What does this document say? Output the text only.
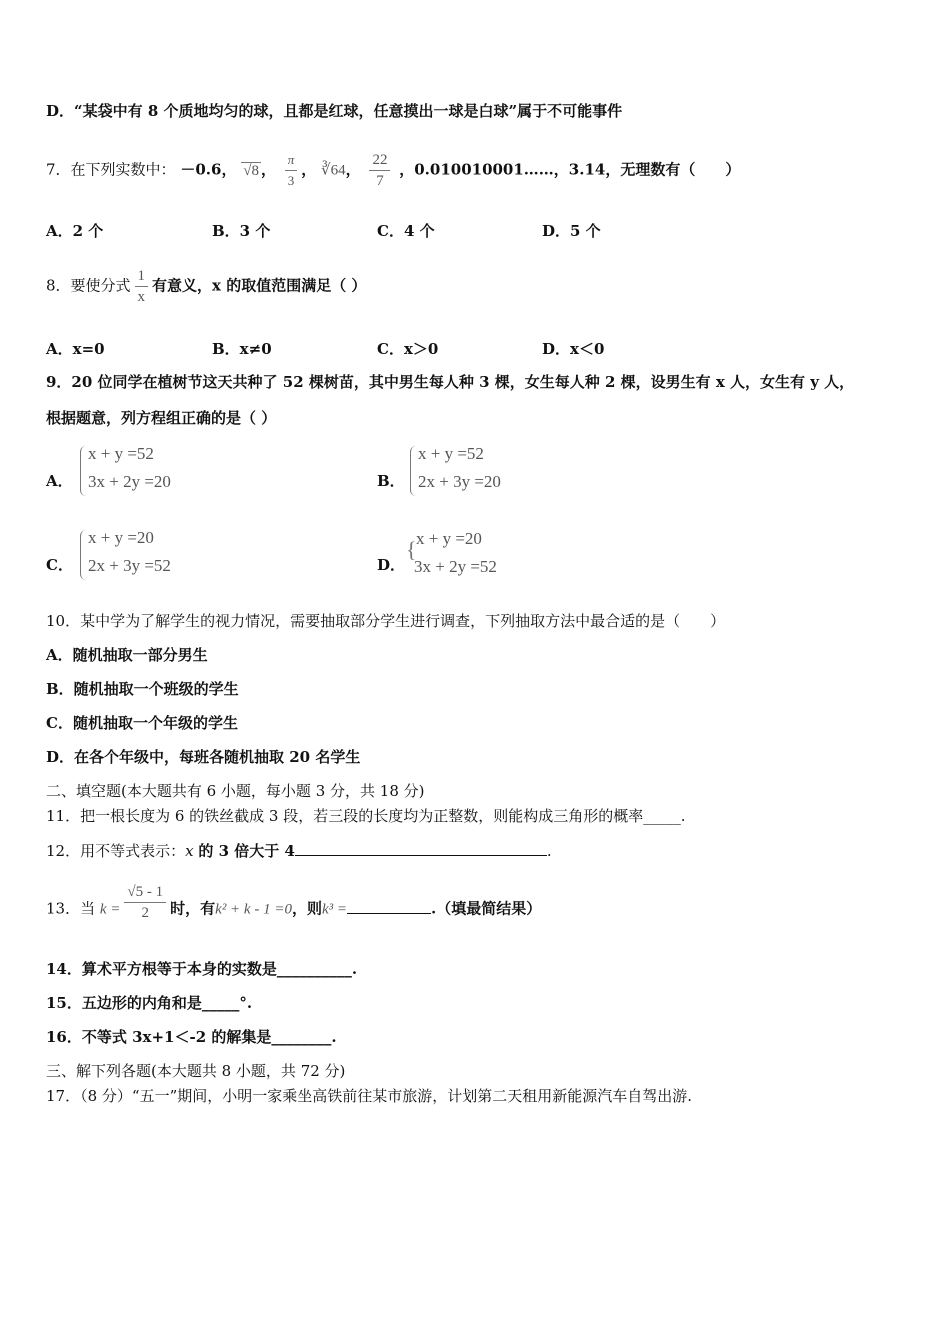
D．“某袋中有 8 个质地均匀的球，且都是红球，任意摸出一球是白球”属于不可能事件
7．在下列实数中： －0.6， √8 ， $\frac{\pi}{3}$ ， ∛64， $\frac{22}{7}$ ，0.010010001……，3.14，无理数有（　　）
A．2 个	B．3 个	C．4 个	D．5 个
8．要使分式 $\frac{1}{x}$ 有意义，x 的取值范围满足（ ）
A．x=0	B．x≠0	C．x＞0	D．x＜0
9．20 位同学在植树节这天共种了 52 棵树苗，其中男生每人种 3 棵，女生每人种 2 棵，设男生有 x 人，女生有 y 人，
根据题意，列方程组正确的是（ ）
A．
x + y =52
3x + 2y =20	B．
x + y =52
2x + 3y =20
C．
x + y =20
2x + 3y =52	D．
{ x + y =20
3x + 2y =52
10．某中学为了解学生的视力情况，需要抽取部分学生进行调查，下列抽取方法中最合适的是（　　）
A．随机抽取一部分男生
B．随机抽取一个班级的学生
C．随机抽取一个年级的学生
D．在各个年级中，每班各随机抽取 20 名学生
二、填空题(本大题共有 6 小题，每小题 3 分，共 18 分)
11．把一根长度为 6 的铁丝截成 3 段，若三段的长度均为正整数，则能构成三角形的概率_____.
12．用不等式表示：x 的 3 倍大于 4	.
13．当 $k = \frac{√5 - 1}{2}$ 时，有k² + k - 1 =0，则k³ =	.（填最简结果）
14．算术平方根等于本身的实数是__________.
15．五边形的内角和是_____°.
16．不等式 3x+1＜-2 的解集是________.
三、解下列各题(本大题共 8 小题，共 72 分)
17．（8 分）“五一”期间，小明一家乘坐高铁前往某市旅游，计划第二天租用新能源汽车自驾出游.
